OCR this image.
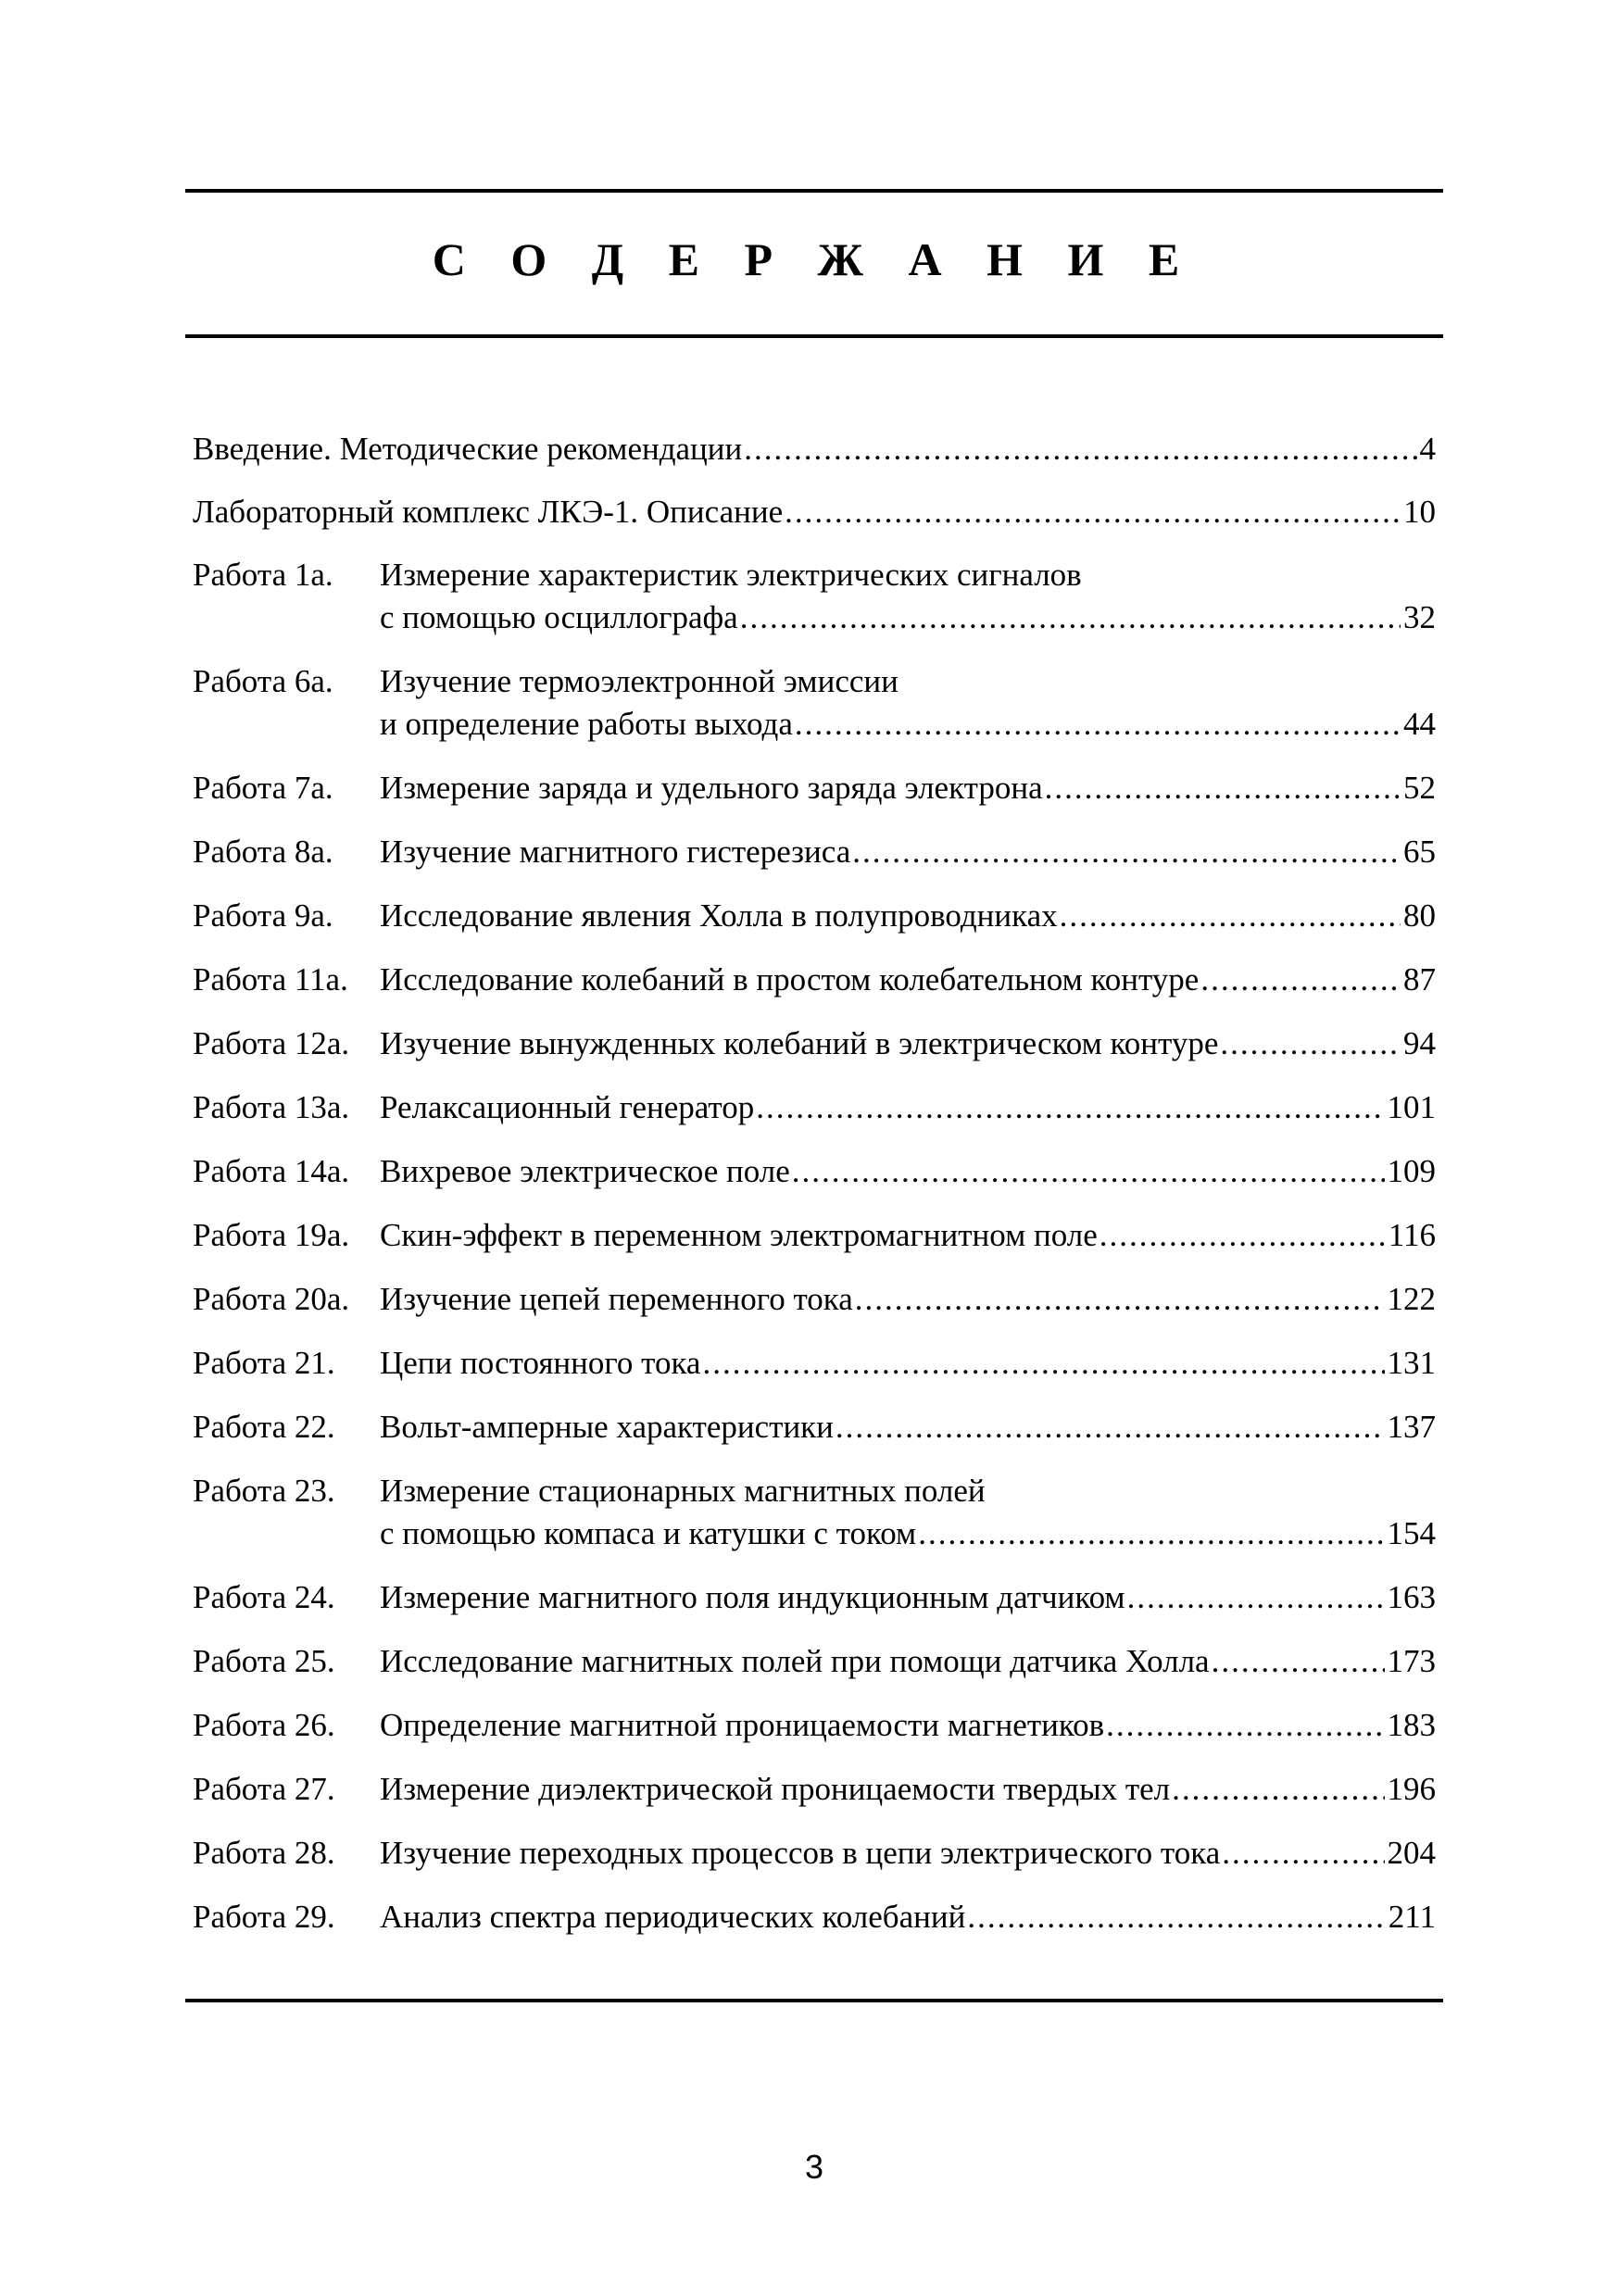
С О Д Е Р Ж А Н И Е
Введение. Методические рекомендации .....	4
Лабораторный комплекс ЛКЭ-1. Описание .....	10
Работа 1а.	Измерение характеристик электрических сигналов
с помощью осциллографа .....	32
Работа 6а.	Изучение термоэлектронной эмиссии
и определение работы выхода .....	44
Работа 7а.	Измерение заряда и удельного заряда электрона .....	52
Работа 8а.	Изучение магнитного гистерезиса .....	65
Работа 9а.	Исследование явления Холла в полупроводниках .....	80
Работа 11а. Исследование колебаний в простом колебательном контуре .....	87
Работа 12а. Изучение вынужденных колебаний в электрическом контуре .....	94
Работа 13а. Релаксационный генератор .....	101
Работа 14а. Вихревое электрическое поле .....	109
Работа 19а. Скин-эффект в переменном электромагнитном поле .....	116
Работа 20а. Изучение цепей переменного тока .....	122
Работа 21.	Цепи постоянного тока .....	131
Работа 22.	Вольт-амперные характеристики .....	137
Работа 23.	Измерение стационарных магнитных полей
с помощью компаса и катушки с током .....	154
Работа 24.	Измерение магнитного поля индукционным датчиком .....	163
Работа 25.	Исследование магнитных полей при помощи датчика Холла .....	173
Работа 26.	Определение магнитной проницаемости магнетиков .....	183
Работа 27.	Измерение диэлектрической проницаемости твердых тел .....	196
Работа 28.	Изучение переходных процессов в цепи электрического тока .....	204
Работа 29.	Анализ спектра периодических колебаний .....	211
3
